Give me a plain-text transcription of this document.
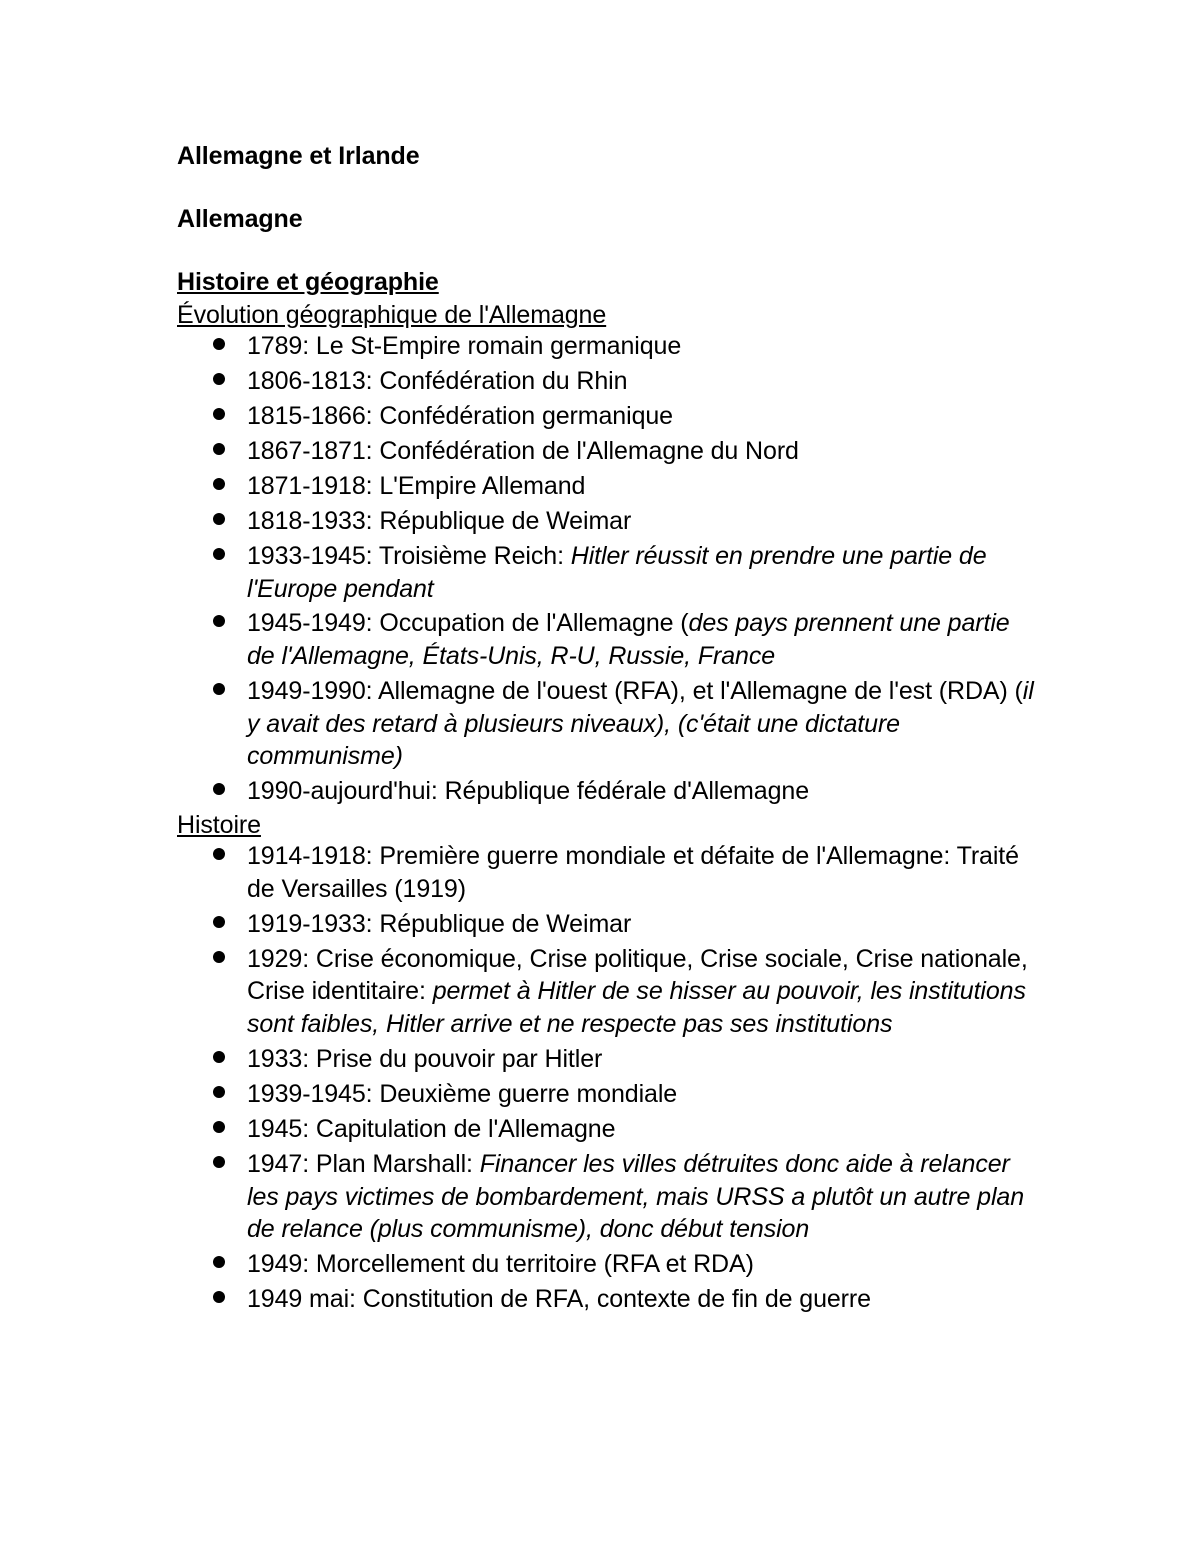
Allemagne et Irlande
Allemagne
Histoire et géographie
Évolution géographique de l'Allemagne
1789: Le St-Empire romain germanique
1806-1813: Confédération du Rhin
1815-1866: Confédération germanique
1867-1871: Confédération de l'Allemagne du Nord
1871-1918: L'Empire Allemand
1818-1933: République de Weimar
1933-1945: Troisième Reich: Hitler réussit en prendre une partie de l'Europe pendant
1945-1949: Occupation de l'Allemagne (des pays prennent une partie de l'Allemagne, États-Unis, R-U, Russie, France
1949-1990: Allemagne de l'ouest (RFA), et l'Allemagne de l'est (RDA) (il y avait des retard à plusieurs niveaux), (c'était une dictature communisme)
1990-aujourd'hui: République fédérale d'Allemagne
Histoire
1914-1918: Première guerre mondiale et défaite de l'Allemagne: Traité de Versailles (1919)
1919-1933: République de Weimar
1929: Crise économique, Crise politique, Crise sociale, Crise nationale, Crise identitaire: permet à Hitler de se hisser au pouvoir, les institutions sont faibles, Hitler arrive et ne respecte pas ses institutions
1933: Prise du pouvoir par Hitler
1939-1945: Deuxième guerre mondiale
1945: Capitulation de l'Allemagne
1947: Plan Marshall: Financer les villes détruites donc aide à relancer les pays victimes de bombardement, mais URSS a plutôt un autre plan de relance (plus communisme), donc début tension
1949: Morcellement du territoire (RFA et RDA)
1949 mai: Constitution de RFA, contexte de fin de guerre
